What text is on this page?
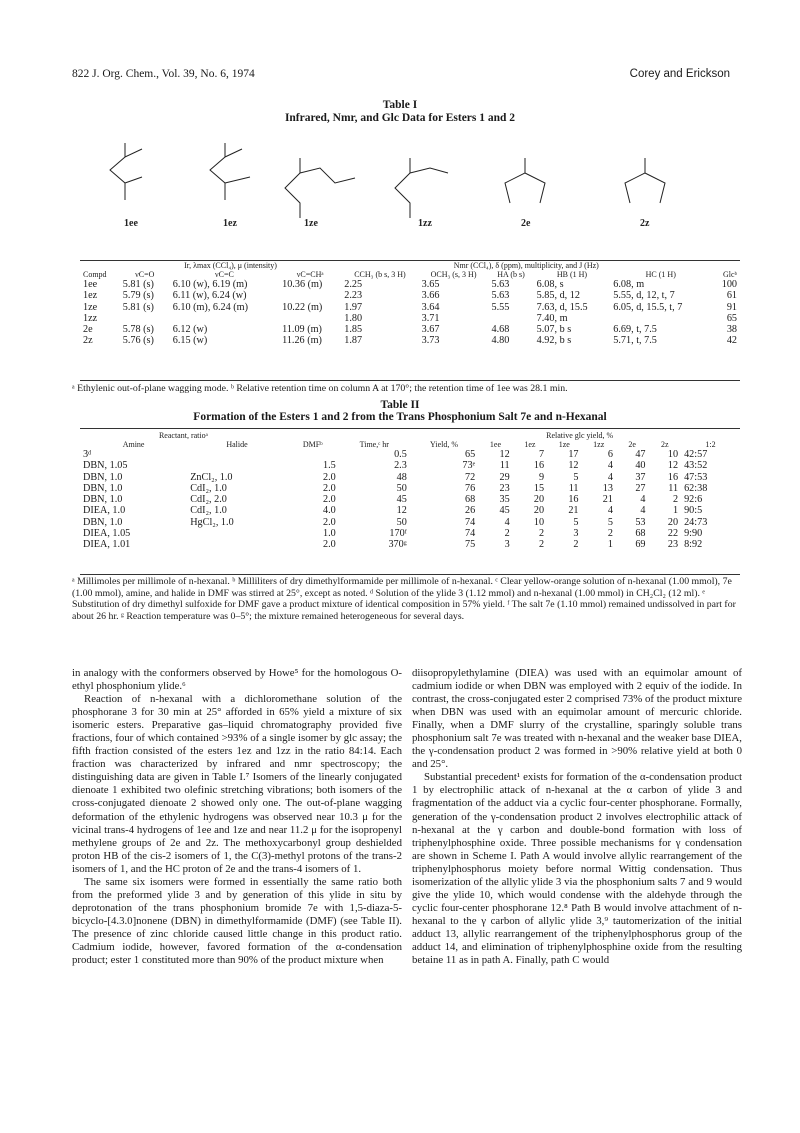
822 J. Org. Chem., Vol. 39, No. 6, 1974	Corey and Erickson
Table I
Infrared, Nmr, and Glc Data for Esters 1 and 2
1ee	1ez	1ze	1zz	2e	2z
	Ir, λmax (CCl₄), μ (intensity)			Nmr (CCl₄), δ (ppm), multiplicity, and J (Hz)					
Compd	νC=O	νC=C	νC=CHᵃ	CCH₃ (b s, 3 H)	OCH₃ (s, 3 H)	HA (b s)	HB (1 H)	HC (1 H)	Glcᵇ
1ee	5.81 (s)	6.10 (w), 6.19 (m)	10.36 (m)	2.25	3.65	5.63	6.08, s	6.08, m	100
1ez	5.79 (s)	6.11 (w), 6.24 (w)		2.23	3.66	5.63	5.85, d, 12	5.55, d, 12, t, 7	61
1ze	5.81 (s)	6.10 (m), 6.24 (m)	10.22 (m)	1.97	3.64	5.55	7.63, d, 15.5	6.05, d, 15.5, t, 7	91
1zz				1.80	3.71		7.40, m		65
2e	5.78 (s)	6.12 (w)	11.09 (m)	1.85	3.67	4.68	5.07, b s	6.69, t, 7.5	38
2z	5.76 (s)	6.15 (w)	11.26 (m)	1.87	3.73	4.80	4.92, b s	5.71, t, 7.5	42
ᵃ Ethylenic out-of-plane wagging mode. ᵇ Relative retention time on column A at 170°; the retention time of 1ee was 28.1 min.
Table II
Formation of the Esters 1 and 2 from the Trans Phosphonium Salt 7e and n-Hexanal
Reactant, ratioᵃ					Relative glc yield, %						
Amine	Halide	DMFᵇ	Time,ᶜ hr	Yield, %	1ee	1ez	1ze	1zz	2e	2z	1:2
3ᵈ			0.5	65	12	7	17	6	47	10	42:57
DBN, 1.05		1.5	2.3	73ᵉ	11	16	12	4	40	12	43:52
DBN, 1.0	ZnCl₂, 1.0	2.0	48	72	29	9	5	4	37	16	47:53
DBN, 1.0	CdI₂, 1.0	2.0	50	76	23	15	11	13	27	11	62:38
DBN, 1.0	CdI₂, 2.0	2.0	45	68	35	20	16	21	4	2	92:6
DIEA, 1.0	CdI₂, 1.0	4.0	12	26	45	20	21	4	4	1	90:5
DBN, 1.0	HgCl₂, 1.0	2.0	50	74	4	10	5	5	53	20	24:73
DIEA, 1.05		1.0	170ᶠ	74	2	2	3	2	68	22	9:90
DIEA, 1.01		2.0	370ᵍ	75	3	2	2	1	69	23	8:92
ᵃ Millimoles per millimole of n-hexanal. ᵇ Milliliters of dry dimethylformamide per millimole of n-hexanal. ᶜ Clear yellow-orange solution of n-hexanal (1.00 mmol), 7e (1.00 mmol), amine, and halide in DMF was stirred at 25°, except as noted. ᵈ Solution of the ylide 3 (1.12 mmol) and n-hexanal (1.00 mmol) in CH₂Cl₂ (12 ml). ᵉ Substitution of dry dimethyl sulfoxide for DMF gave a product mixture of identical composition in 57% yield. ᶠ The salt 7e (1.10 mmol) remained undissolved in part for about 26 hr. ᵍ Reaction temperature was 0–5°; the mixture remained heterogeneous for several days.

in analogy with the conformers observed by Howe⁵ for the homologous O-ethyl phosphonium ylide.⁶

Reaction of n-hexanal with a dichloromethane solution of the phosphorane 3 for 30 min at 25° afforded in 65% yield a mixture of six isomeric esters. Preparative gas–liquid chromatography provided five fractions, four of which contained >93% of a single isomer by glc assay; the fifth fraction consisted of the esters 1ez and 1zz in the ratio 84:14. Each fraction was characterized by infrared and nmr spectroscopy; the distinguishing data are given in Table I.⁷ Isomers of the linearly conjugated dienoate 1 exhibited two olefinic stretching vibrations; both isomers of the cross-conjugated dienoate 2 showed only one. The out-of-plane wagging deformation of the ethylenic hydrogens was observed near 10.3 μ for the vicinal trans-4 hydrogens of 1ee and 1ze and near 11.2 μ for the isopropenyl methylene groups of 2e and 2z. The methoxycarbonyl group deshielded proton HB of the cis-2 isomers of 1, the C(3)-methyl protons of the trans-2 isomers of 1, and the HC proton of 2e and the trans-4 isomers of 1.

The same six isomers were formed in essentially the same ratio both from the preformed ylide 3 and by generation of this ylide in situ by deprotonation of the trans phosphonium bromide 7e with 1,5-diaza-5-bicyclo-[4.3.0]nonene (DBN) in dimethylformamide (DMF) (see Table II). The presence of zinc chloride caused little change in this product ratio. Cadmium iodide, however, favored formation of the α-condensation product; ester 1 constituted more than 90% of the product mixture when

diisopropylethylamine (DIEA) was used with an equimolar amount of cadmium iodide or when DBN was employed with 2 equiv of the iodide. In contrast, the cross-conjugated ester 2 comprised 73% of the product mixture when DBN was used with an equimolar amount of mercuric chloride. Finally, when a DMF slurry of the crystalline, sparingly soluble trans phosphonium salt 7e was treated with n-hexanal and the weaker base DIEA, the γ-condensation product 2 was formed in >90% relative yield at both 0 and 25°.

Substantial precedent¹ exists for formation of the α-condensation product 1 by electrophilic attack of n-hexanal at the α carbon of ylide 3 and fragmentation of the adduct via a cyclic four-center phosphorane. Formally, generation of the γ-condensation product 2 involves electrophilic attack of n-hexanal at the γ carbon and double-bond formation with loss of triphenylphosphine oxide. Three possible mechanisms for γ condensation are shown in Scheme I. Path A would involve allylic rearrangement of the triphenylphosphorus moiety before normal Wittig condensation. Thus isomerization of the allylic ylide 3 via the phosphonium salts 7 and 9 would give the ylide 10, which would condense with the aldehyde through the cyclic four-center phosphorane 12.⁸ Path B would involve attachment of n-hexanal to the γ carbon of allylic ylide 3,⁹ tautomerization of the initial adduct 13, allylic rearrangement of the triphenylphosphorus group of the adduct 14, and elimination of triphenylphosphine oxide from the resulting betaine 11 as in path A. Finally, path C would
